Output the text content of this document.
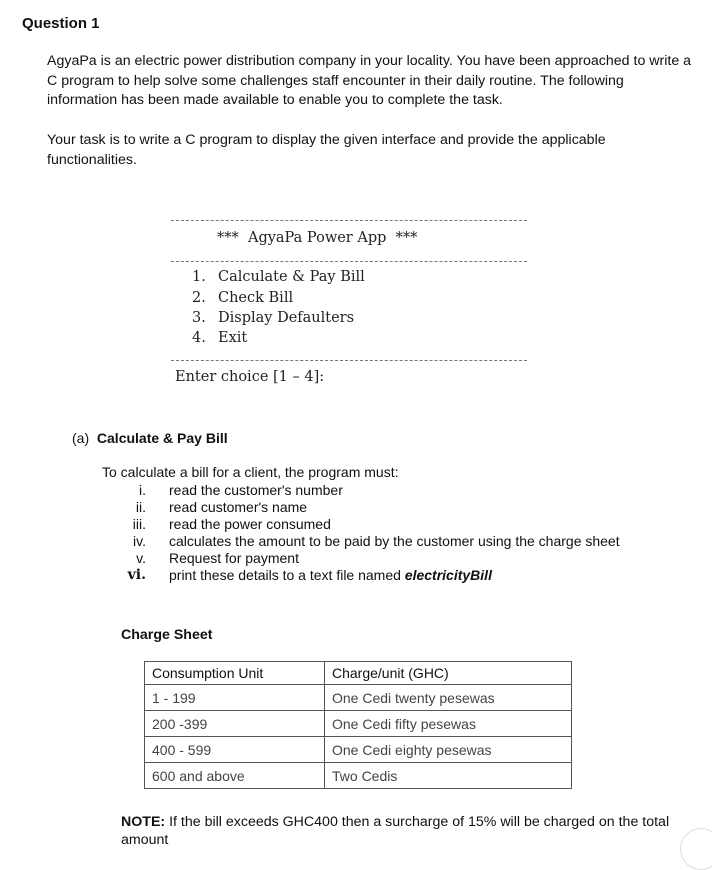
Question 1
AgyaPa is an electric power distribution company in your locality. You have been approached to write a C program to help solve some challenges staff encounter in their daily routine. The following information has been made available to enable you to complete the task.
Your task is to write a C program to display the given interface and provide the applicable functionalities.
***  AgyaPa Power App  ***
1. Calculate & Pay Bill
2. Check Bill
3. Display Defaulters
4. Exit
Enter choice [1 – 4]:
(a) Calculate & Pay Bill
To calculate a bill for a client, the program must:
i. read the customer's number
ii. read customer's name
iii. read the power consumed
iv. calculates the amount to be paid by the customer using the charge sheet
v. Request for payment
vi. print these details to a text file named electricityBill
Charge Sheet
Consumption Unit	Charge/unit (GHC)
1 - 199	One Cedi twenty pesewas
200 -399	One Cedi fifty pesewas
400 - 599	One Cedi eighty pesewas
600 and above	Two Cedis
NOTE: If the bill exceeds GHC400 then a surcharge of 15% will be charged on the total amount
